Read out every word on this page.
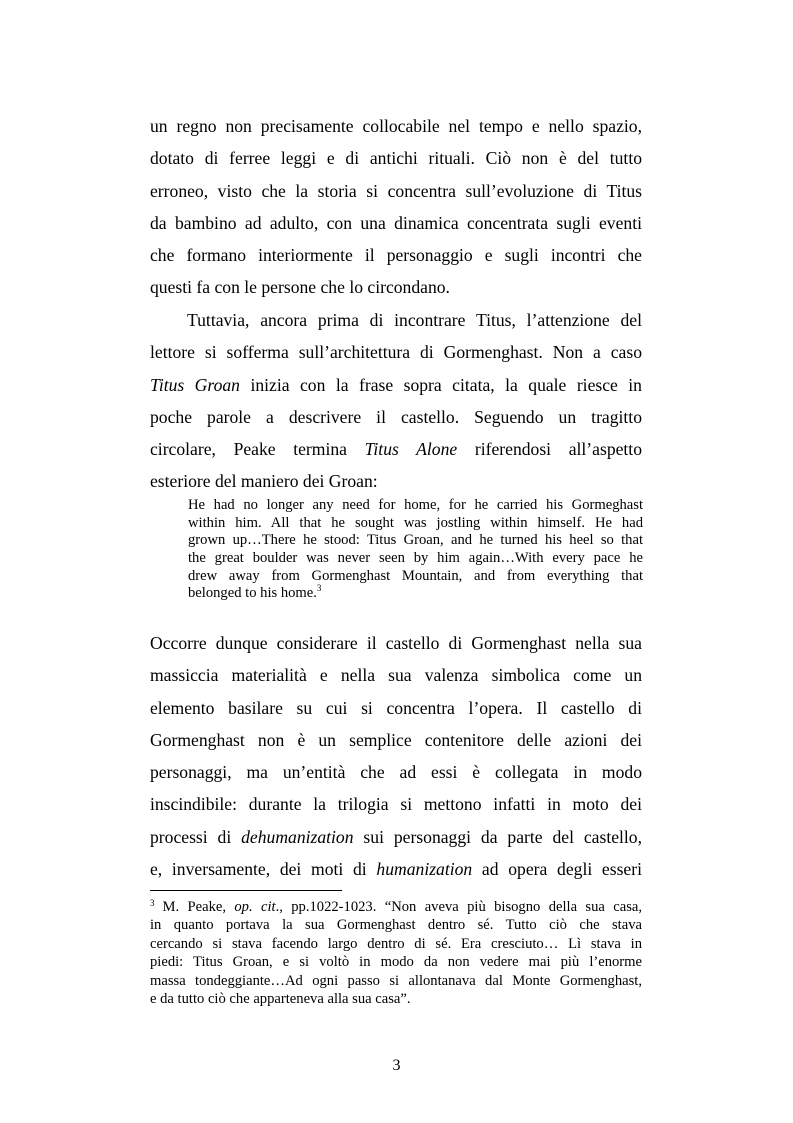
un regno non precisamente collocabile nel tempo e nello spazio,
dotato di ferree leggi e di antichi rituali. Ciò non è del tutto
erroneo, visto che la storia si concentra sull’evoluzione di Titus
da bambino ad adulto, con una dinamica concentrata sugli eventi
che formano interiormente il personaggio e sugli incontri che
questi fa con le persone che lo circondano.
Tuttavia, ancora prima di incontrare Titus, l’attenzione del
lettore si sofferma sull’architettura di Gormenghast. Non a caso
Titus Groan inizia con la frase sopra citata, la quale riesce in
poche parole a descrivere il castello. Seguendo un tragitto
circolare, Peake termina Titus Alone riferendosi all’aspetto
esteriore del maniero dei Groan:
He had no longer any need for home, for he carried his Gormeghast
within him. All that he sought was jostling within himself. He had
grown up…There he stood: Titus Groan, and he turned his heel so that
the great boulder was never seen by him again…With every pace he
drew away from Gormenghast Mountain, and from everything that
belonged to his home.$^3$
Occorre dunque considerare il castello di Gormenghast nella sua
massiccia materialità e nella sua valenza simbolica come un
elemento basilare su cui si concentra l’opera. Il castello di
Gormenghast non è un semplice contenitore delle azioni dei
personaggi, ma un’entità che ad essi è collegata in modo
inscindibile: durante la trilogia si mettono infatti in moto dei
processi di dehumanization sui personaggi da parte del castello,
e, inversamente, dei moti di humanization ad opera degli esseri
$^3$ M. Peake, op. cit., pp.1022-1023. “Non aveva più bisogno della sua casa,
in quanto portava la sua Gormenghast dentro sé. Tutto ciò che stava
cercando si stava facendo largo dentro di sé. Era cresciuto… Lì stava in
piedi: Titus Groan, e si voltò in modo da non vedere mai più l’enorme
massa tondeggiante…Ad ogni passo si allontanava dal Monte Gormenghast,
e da tutto ciò che apparteneva alla sua casa”.
3
